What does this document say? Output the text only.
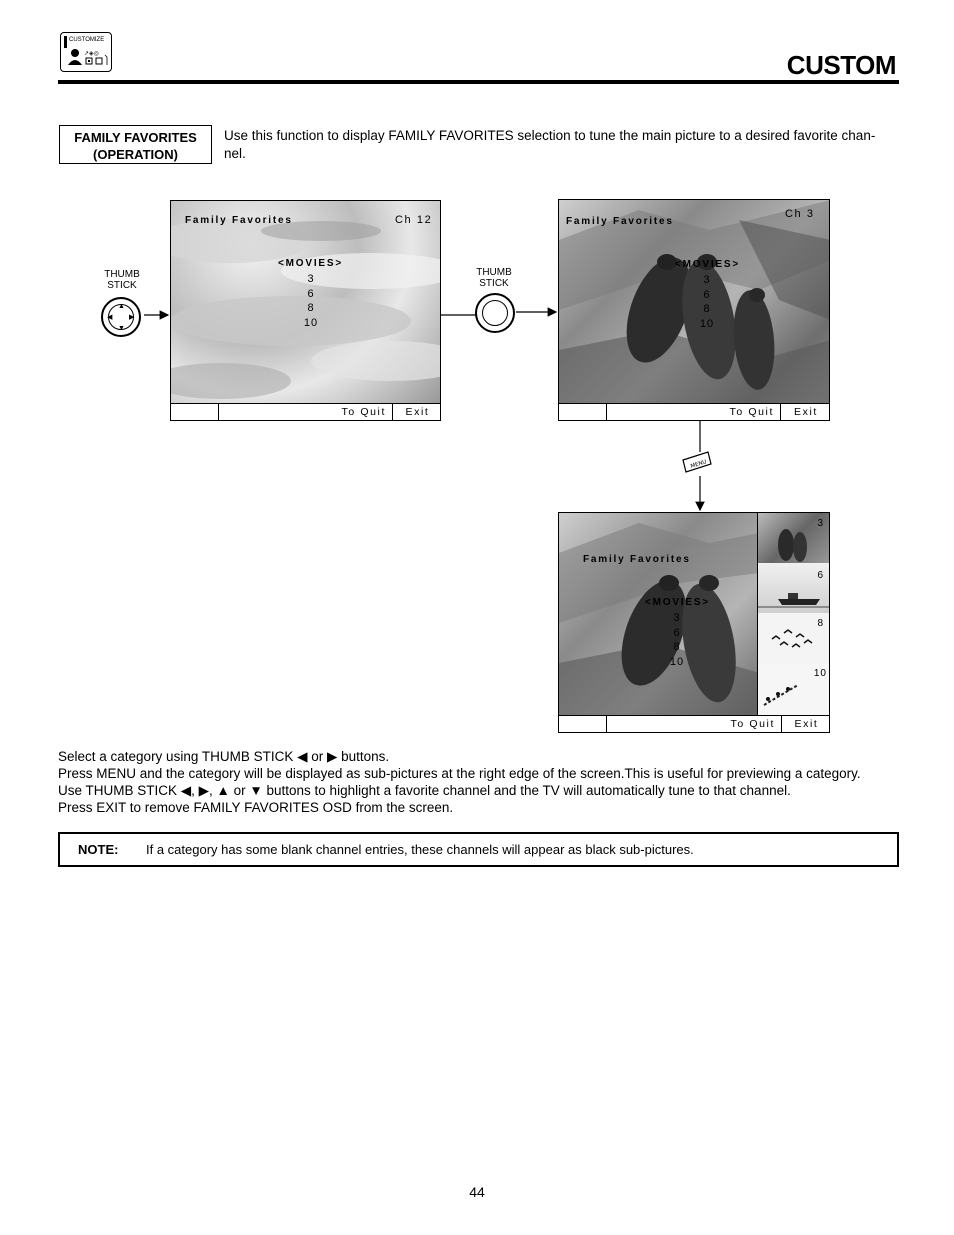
CUSTOMIZE
↗◈◎	CUSTOM
FAMILY FAVORITES
(OPERATION)
Use this function to display FAMILY FAVORITES selection to tune the main picture to a desired favorite chan-
nel.
THUMB
STICK
▲
▼
◀ ▶
THUMB
STICK
MENU
Family Favorites	Ch 12
<MOVIES>
3
6
8
10
To Quit	Exit
Family Favorites
Ch 3
<MOVIES>
3
6
8
10
To Quit	Exit
Family Favorites
<MOVIES>
3
6
8
10
3
6
8
10
To Quit	Exit
Select a category using THUMB STICK ◀ or ▶ buttons.
Press MENU and the category will be displayed as sub-pictures at the right edge of the screen.This is useful for previewing a category.
Use THUMB STICK ◀, ▶, ▲ or ▼ buttons to highlight a favorite channel and the TV will automatically tune to that channel.
Press EXIT to remove FAMILY FAVORITES OSD from the screen.
NOTE: If a category has some blank channel entries, these channels will appear as black sub-pictures.
44
